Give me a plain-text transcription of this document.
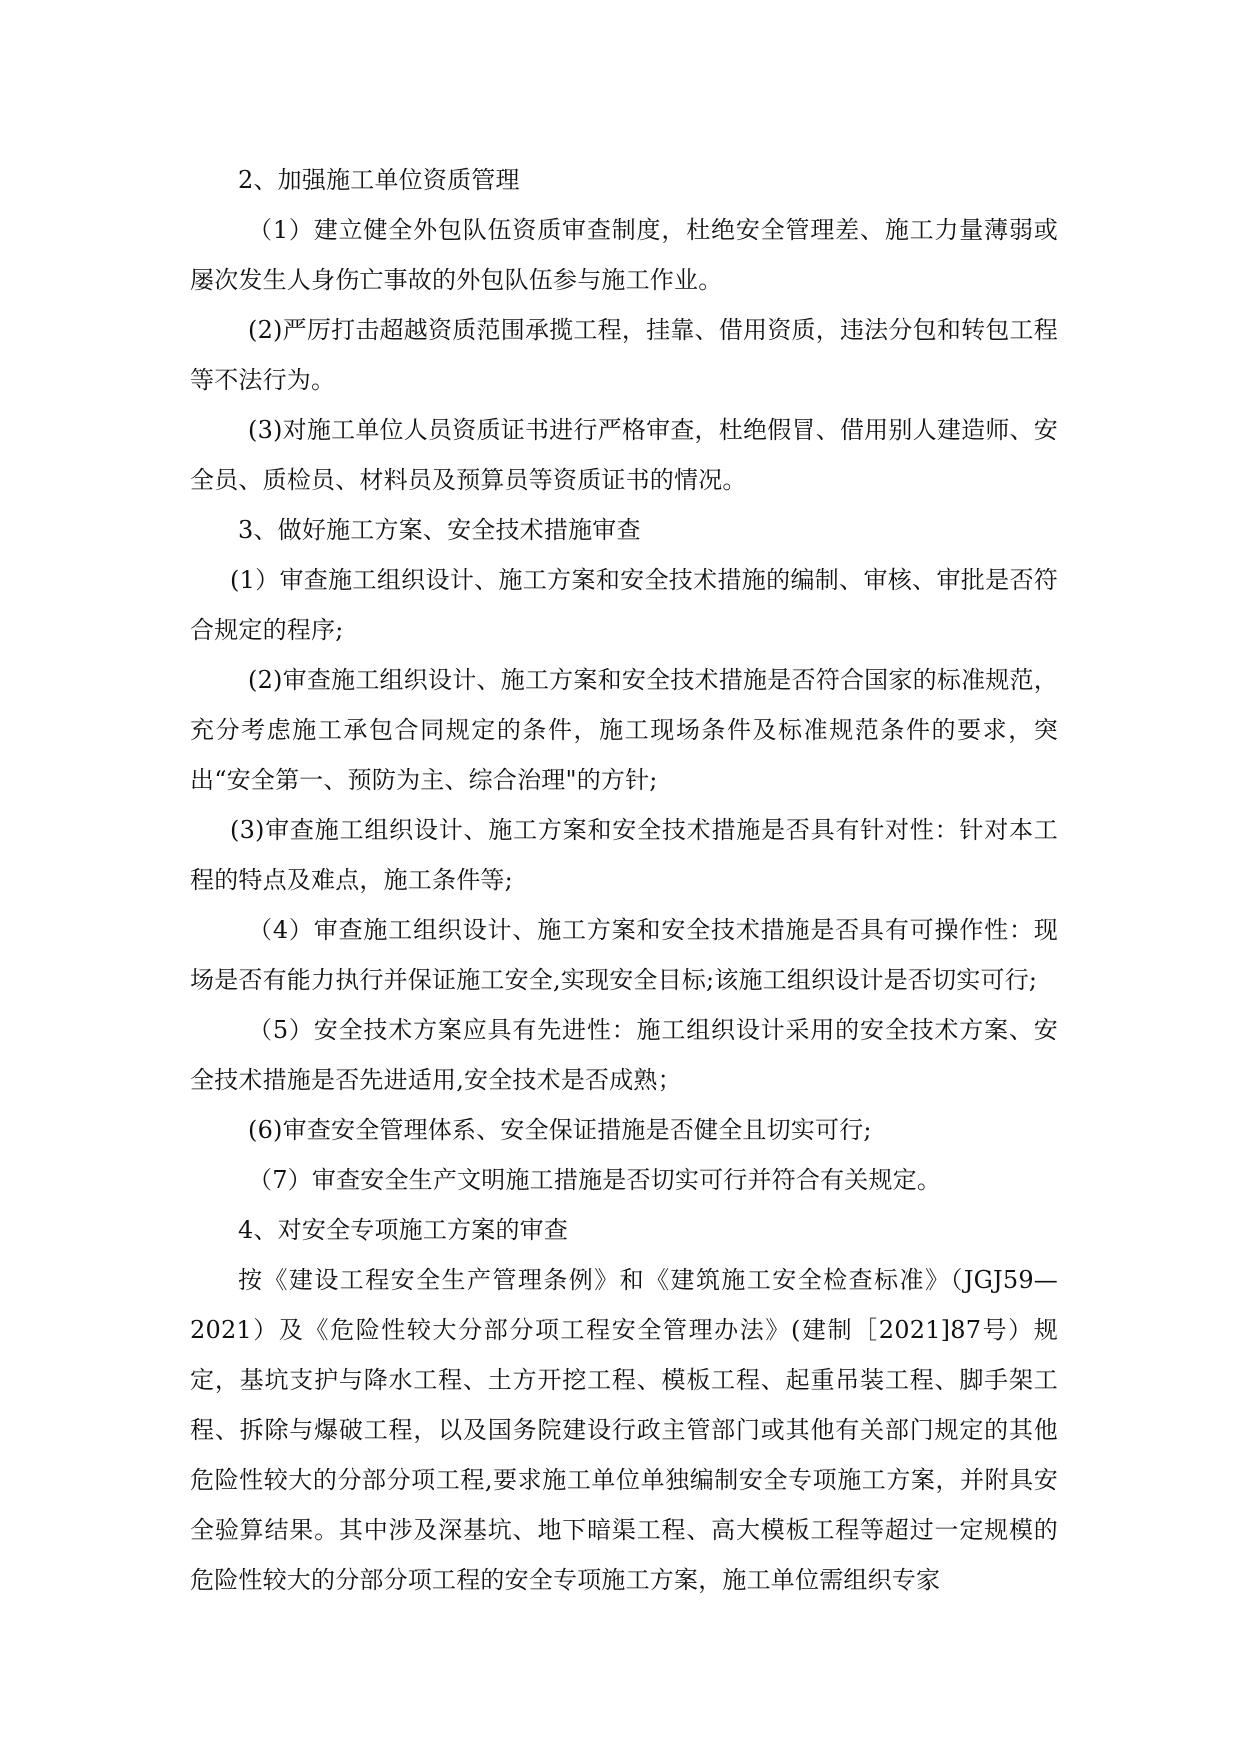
2、加强施工单位资质管理

（1）建立健全外包队伍资质审查制度，杜绝安全管理差、施工力量薄弱或屡次发生人身伤亡事故的外包队伍参与施工作业。

(2)严厉打击超越资质范围承揽工程，挂靠、借用资质，违法分包和转包工程等不法行为。

(3)对施工单位人员资质证书进行严格审查，杜绝假冒、借用别人建造师、安全员、质检员、材料员及预算员等资质证书的情况。

3、做好施工方案、安全技术措施审查

(1）审查施工组织设计、施工方案和安全技术措施的编制、审核、审批是否符合规定的程序;

(2)审查施工组织设计、施工方案和安全技术措施是否符合国家的标准规范，充分考虑施工承包合同规定的条件，施工现场条件及标准规范条件的要求，突出“安全第一、预防为主、综合治理"的方针;

(3)审查施工组织设计、施工方案和安全技术措施是否具有针对性：针对本工程的特点及难点，施工条件等;

（4）审查施工组织设计、施工方案和安全技术措施是否具有可操作性：现场是否有能力执行并保证施工安全,实现安全目标;该施工组织设计是否切实可行;

（5）安全技术方案应具有先进性：施工组织设计采用的安全技术方案、安全技术措施是否先进适用,安全技术是否成熟；

(6)审查安全管理体系、安全保证措施是否健全且切实可行;

（7）审查安全生产文明施工措施是否切实可行并符合有关规定。

4、对安全专项施工方案的审查

按《建设工程安全生产管理条例》和《建筑施工安全检查标准》（JGJ59—2021）及《危险性较大分部分项工程安全管理办法》(建制［2021]87号）规定，基坑支护与降水工程、土方开挖工程、模板工程、起重吊装工程、脚手架工程、拆除与爆破工程，以及国务院建设行政主管部门或其他有关部门规定的其他危险性较大的分部分项工程,要求施工单位单独编制安全专项施工方案，并附具安全验算结果。其中涉及深基坑、地下暗渠工程、高大模板工程等超过一定规模的危险性较大的分部分项工程的安全专项施工方案，施工单位需组织专家
